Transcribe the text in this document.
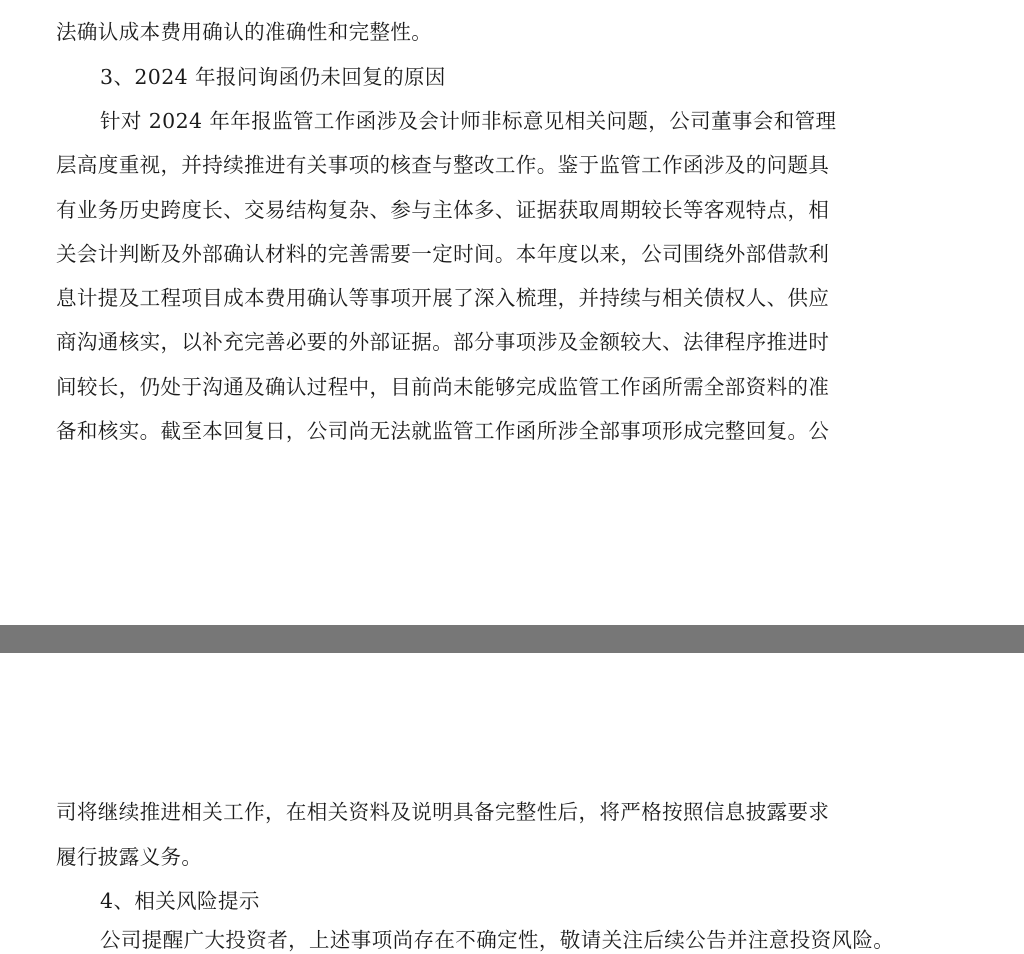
法确认成本费用确认的准确性和完整性。
3、2024 年报问询函仍未回复的原因
针对 2024 年年报监管工作函涉及会计师非标意见相关问题，公司董事会和管理
层高度重视，并持续推进有关事项的核查与整改工作。鉴于监管工作函涉及的问题具
有业务历史跨度长、交易结构复杂、参与主体多、证据获取周期较长等客观特点，相
关会计判断及外部确认材料的完善需要一定时间。本年度以来，公司围绕外部借款利
息计提及工程项目成本费用确认等事项开展了深入梳理，并持续与相关债权人、供应
商沟通核实，以补充完善必要的外部证据。部分事项涉及金额较大、法律程序推进时
间较长，仍处于沟通及确认过程中，目前尚未能够完成监管工作函所需全部资料的准
备和核实。截至本回复日，公司尚无法就监管工作函所涉全部事项形成完整回复。公
司将继续推进相关工作，在相关资料及说明具备完整性后，将严格按照信息披露要求
履行披露义务。
4、相关风险提示
公司提醒广大投资者，上述事项尚存在不确定性，敬请关注后续公告并注意投资风险。
